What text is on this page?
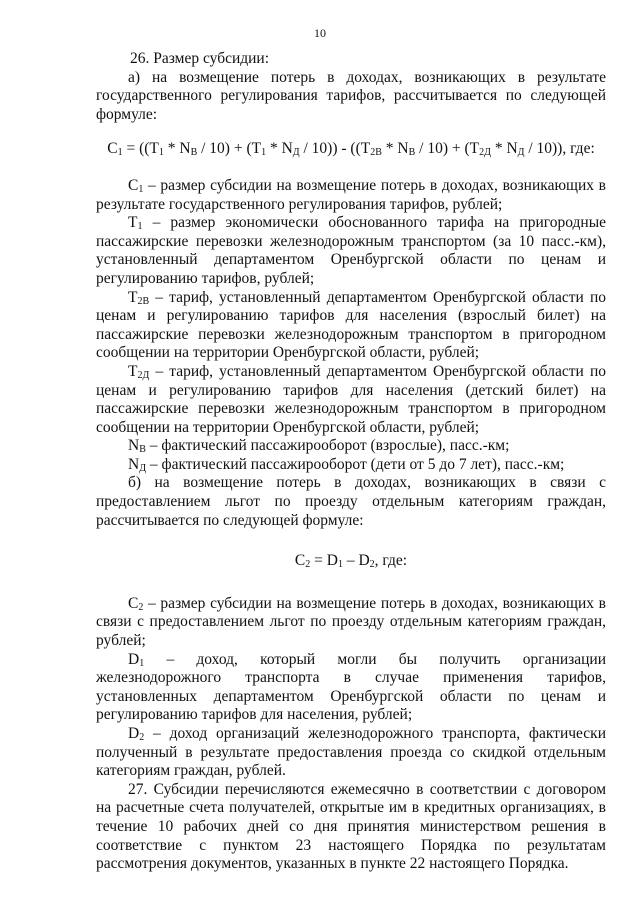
10

26. Размер субсидии:

а) на возмещение потерь в доходах, возникающих в результате государственного регулирования тарифов, рассчитывается по следующей формуле:

$C_1 = ((T_1 * N_В / 10) + (T_1 * N_Д / 10)) - ((T_{2В} * N_В / 10) + (T_{2Д} * N_Д / 10))$, где:

$C_1$ – размер субсидии на возмещение потерь в доходах, возникающих в результате государственного регулирования тарифов, рублей;

$T_1$ – размер экономически обоснованного тарифа на пригородные пассажирские перевозки железнодорожным транспортом (за 10 пасс.-км), установленный департаментом Оренбургской области по ценам и регулированию тарифов, рублей;

$T_{2В}$ – тариф, установленный департаментом Оренбургской области по ценам и регулированию тарифов для населения (взрослый билет) на пассажирские перевозки железнодорожным транспортом в пригородном сообщении на территории Оренбургской области, рублей;

$T_{2Д}$ – тариф, установленный департаментом Оренбургской области по ценам и регулированию тарифов для населения (детский билет) на пассажирские перевозки железнодорожным транспортом в пригородном сообщении на территории Оренбургской области, рублей;

$N_В$ – фактический пассажирооборот (взрослые), пасс.-км;

$N_Д$ – фактический пассажирооборот (дети от 5 до 7 лет), пасс.-км;

б) на возмещение потерь в доходах, возникающих в связи с предоставлением льгот по проезду отдельным категориям граждан, рассчитывается по следующей формуле:

$C_2 = D_1 - D_2$, где:

$C_2$ – размер субсидии на возмещение потерь в доходах, возникающих в связи с предоставлением льгот по проезду отдельным категориям граждан, рублей;

$D_1$ – доход, который могли бы получить организации железнодорожного транспорта в случае применения тарифов, установленных департаментом Оренбургской области по ценам и регулированию тарифов для населения, рублей;

$D_2$ – доход организаций железнодорожного транспорта, фактически полученный в результате предоставления проезда со скидкой отдельным категориям граждан, рублей.

27. Субсидии перечисляются ежемесячно в соответствии с договором на расчетные счета получателей, открытые им в кредитных организациях, в течение 10 рабочих дней со дня принятия министерством решения в соответствие с пунктом 23 настоящего Порядка по результатам рассмотрения документов, указанных в пункте 22 настоящего Порядка.
